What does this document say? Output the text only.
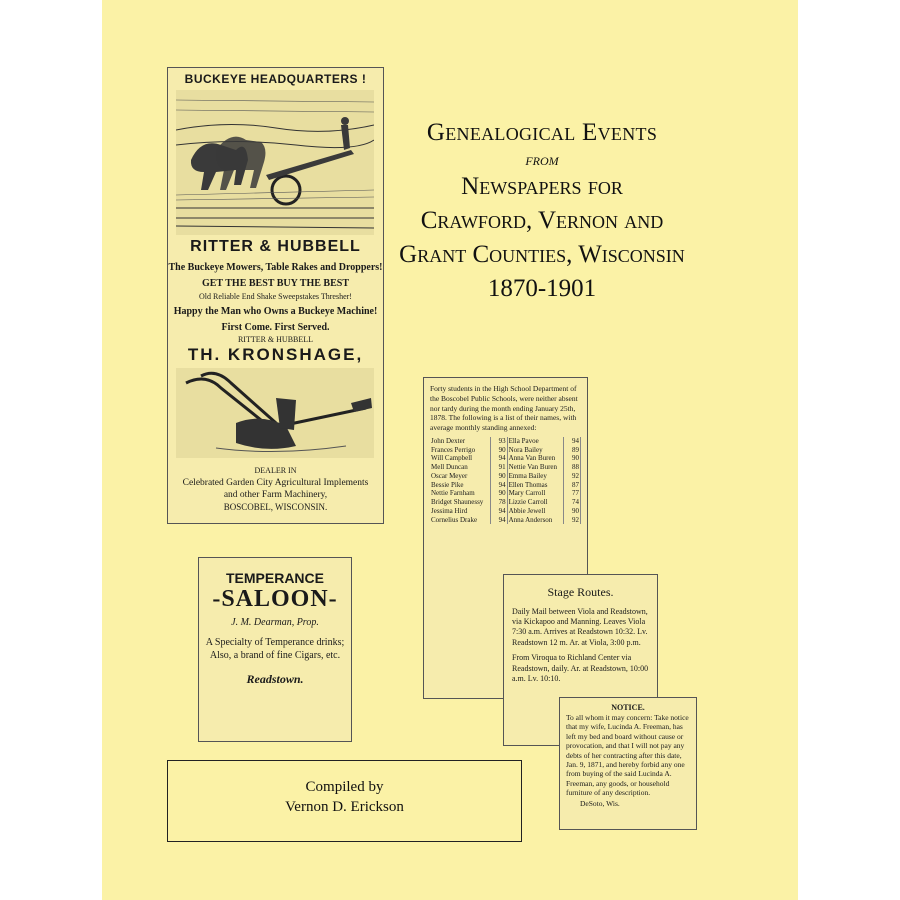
Genealogical Events
from
Newspapers for
Crawford, Vernon and
Grant Counties, Wisconsin
1870-1901
BUCKEYE HEADQUARTERS !
RITTER & HUBBELL
The Buckeye Mowers, Table Rakes and Droppers!
GET THE BEST BUY THE BEST
Old Reliable End Shake Sweepstakes Thresher!
Happy the Man who Owns a Buckeye Machine!
First Come. First Served.
RITTER & HUBBELL
TH. KRONSHAGE,
DEALER IN
Celebrated Garden City Agricultural Implements
and other Farm Machinery,
BOSCOBEL, WISCONSIN.
TEMPERANCE
-SALOON-
J. M. Dearman, Prop.
A Specialty of Temperance drinks; Also, a brand of fine Cigars, etc.
Readstown.
Compiled by
Vernon D. Erickson
Forty students in the High School Department of the Boscobel Public Schools, were neither absent nor tardy during the month ending January 25th, 1878. The following is a list of their names, with average monthly standing annexed:
John Dexter	93	Ella Pavoe	94
Frances Perrigo	90	Nora Bailey	89
Will Campbell	94	Anna Van Buren	90
Mell Duncan	91	Nettie Van Buren	88
Oscar Meyer	90	Emma Bailey	92
Bessie Pike	94	Ellen Thomas	87
Nettie Farnham	90	Mary Carroll	77
Bridget Shaunessy	78	Lizzie Carroll	74
Jessima Hird	94	Abbie Jewell	90
Cornelius Drake	94	Anna Anderson	92
Stage Routes.
Daily Mail between Viola and Readstown, via Kickapoo and Manning. Leaves Viola 7:30 a.m. Arrives at Readstown 10:32. Lv. Readstown 12 m. Ar. at Viola, 3:00 p.m.
From Viroqua to Richland Center via Readstown, daily. Ar. at Readstown, 10:00 a.m. Lv. 10:10.
NOTICE.
To all whom it may concern: Take notice that my wife, Lucinda A. Freeman, has left my bed and board without cause or provocation, and that I will not pay any debts of her contracting after this date, Jan. 9, 1871, and hereby forbid any one from buying of the said Lucinda A. Freeman, any goods, or household furniture of any description.
DeSoto, Wis.
